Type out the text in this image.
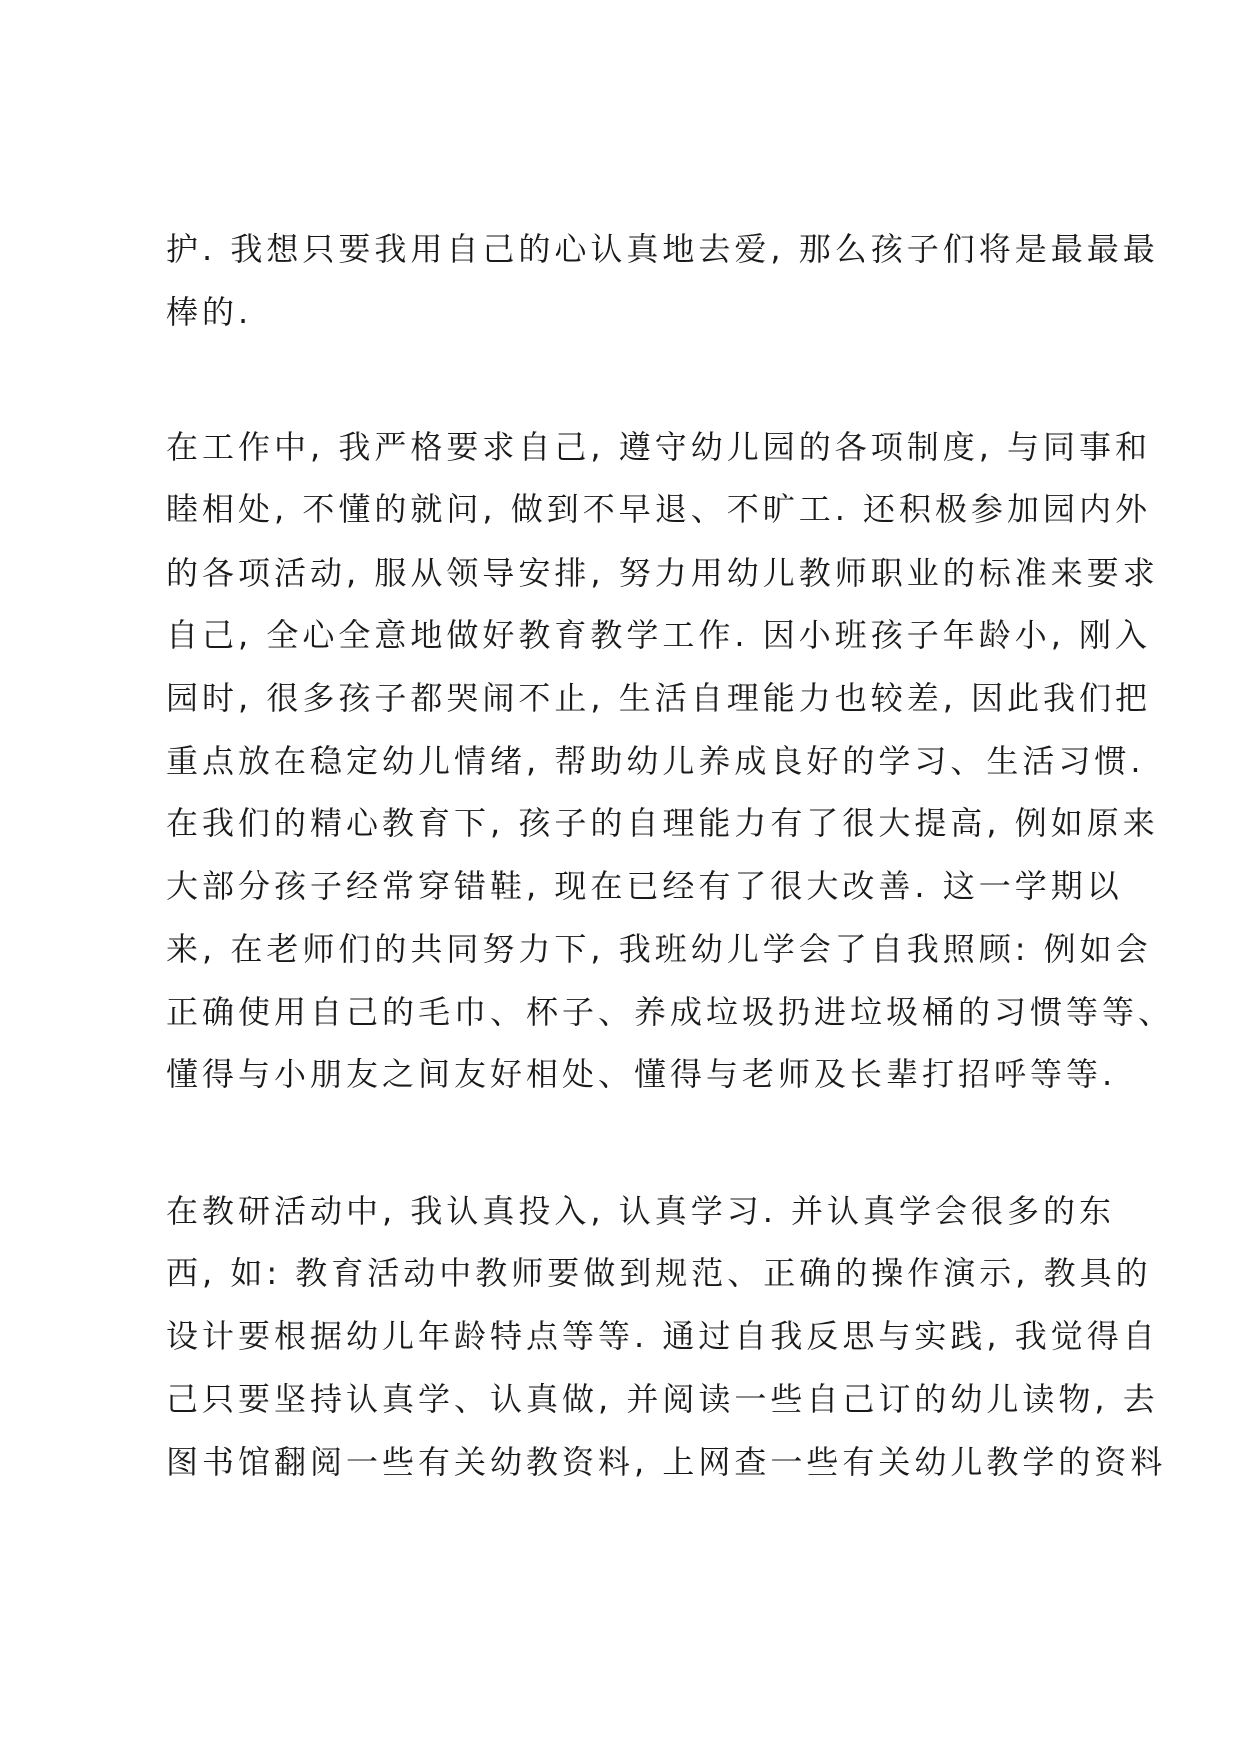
护. 我想只要我用自己的心认真地去爱, 那么孩子们将是最最最
棒的.
在工作中, 我严格要求自己, 遵守幼儿园的各项制度, 与同事和
睦相处, 不懂的就问, 做到不早退、不旷工. 还积极参加园内外
的各项活动, 服从领导安排, 努力用幼儿教师职业的标准来要求
自己, 全心全意地做好教育教学工作. 因小班孩子年龄小, 刚入
园时, 很多孩子都哭闹不止, 生活自理能力也较差, 因此我们把
重点放在稳定幼儿情绪, 帮助幼儿养成良好的学习、生活习惯.
在我们的精心教育下, 孩子的自理能力有了很大提高, 例如原来
大部分孩子经常穿错鞋, 现在已经有了很大改善. 这一学期以
来, 在老师们的共同努力下, 我班幼儿学会了自我照顾: 例如会
正确使用自己的毛巾、杯子、养成垃圾扔进垃圾桶的习惯等等、
懂得与小朋友之间友好相处、懂得与老师及长辈打招呼等等.
在教研活动中, 我认真投入, 认真学习. 并认真学会很多的东
西, 如: 教育活动中教师要做到规范、正确的操作演示, 教具的
设计要根据幼儿年龄特点等等. 通过自我反思与实践, 我觉得自
己只要坚持认真学、认真做, 并阅读一些自己订的幼儿读物, 去
图书馆翻阅一些有关幼教资料, 上网查一些有关幼儿教学的资料
